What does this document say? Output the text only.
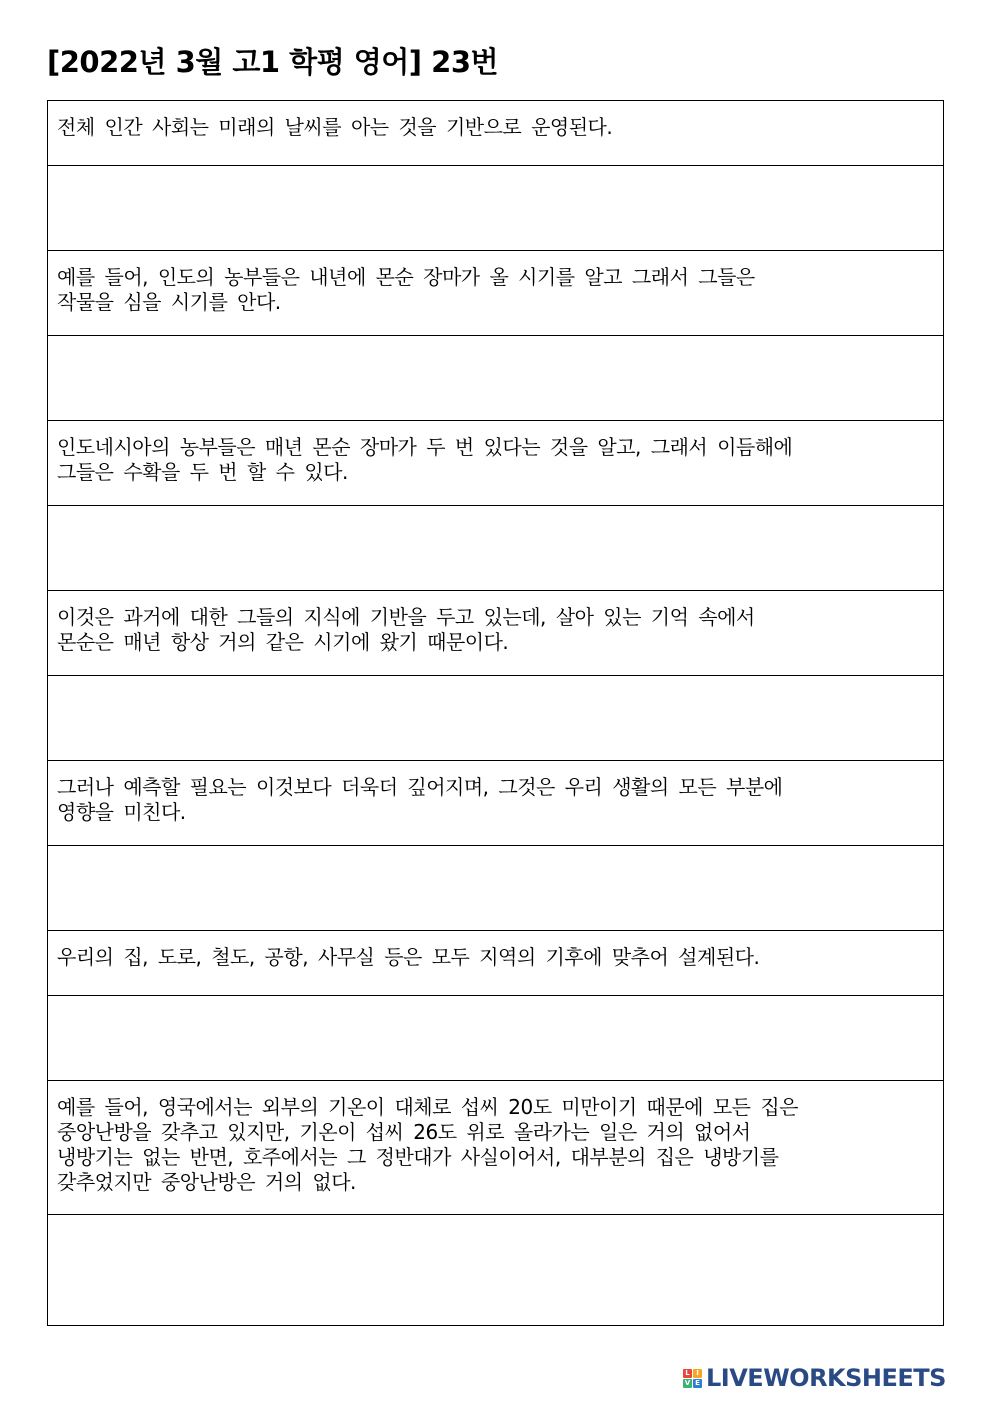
[2022년 3월 고1 학평 영어] 23번
전체 인간 사회는 미래의 날씨를 아는 것을 기반으로 운영된다.
예를 들어, 인도의 농부들은 내년에 몬순 장마가 올 시기를 알고 그래서 그들은
작물을 심을 시기를 안다.
인도네시아의 농부들은 매년 몬순 장마가 두 번 있다는 것을 알고, 그래서 이듬해에
그들은 수확을 두 번 할 수 있다.
이것은 과거에 대한 그들의 지식에 기반을 두고 있는데, 살아 있는 기억 속에서
몬순은 매년 항상 거의 같은 시기에 왔기 때문이다.
그러나 예측할 필요는 이것보다 더욱더 깊어지며, 그것은 우리 생활의 모든 부분에
영향을 미친다.
우리의 집, 도로, 철도, 공항, 사무실 등은 모두 지역의 기후에 맞추어 설계된다.
예를 들어, 영국에서는 외부의 기온이 대체로 섭씨 20도 미만이기 때문에 모든 집은
중앙난방을 갖추고 있지만, 기온이 섭씨 26도 위로 올라가는 일은 거의 없어서
냉방기는 없는 반면, 호주에서는 그 정반대가 사실이어서, 대부분의 집은 냉방기를
갖추었지만 중앙난방은 거의 없다.
L I
V E LIVEWORKSHEETS
